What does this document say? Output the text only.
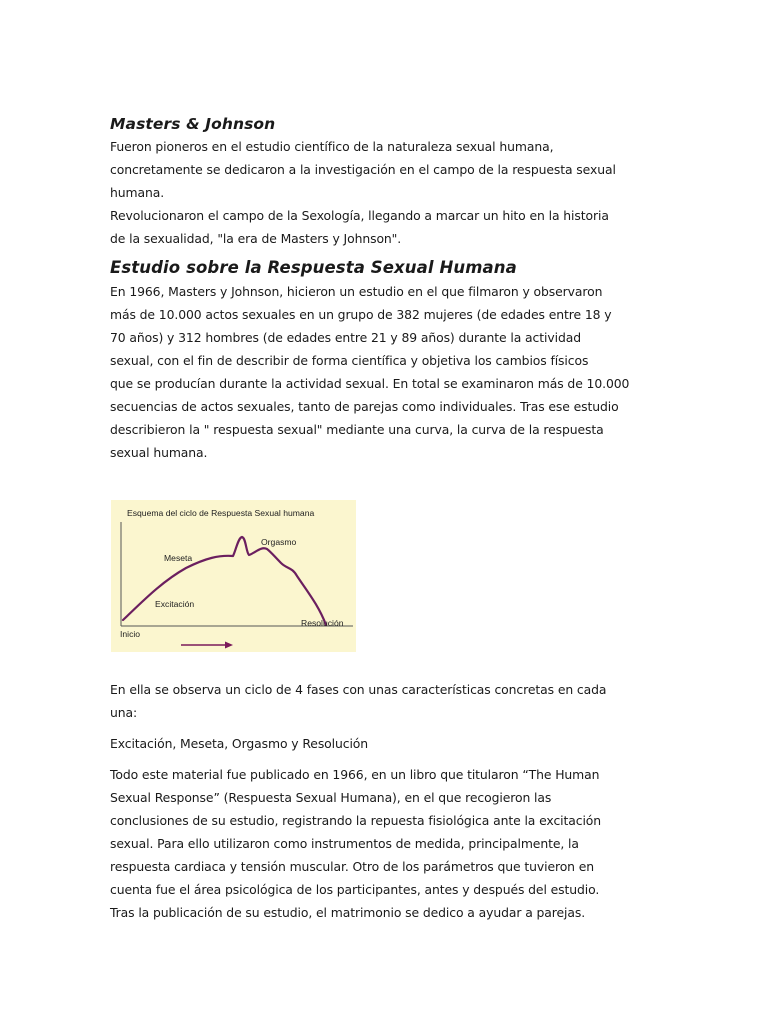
Masters & Johnson

Fueron pioneros en el estudio científico de la naturaleza sexual humana,
concretamente se dedicaron a la investigación en el campo de la respuesta sexual
humana.

Revolucionaron el campo de la Sexología, llegando a marcar un hito en la historia
de la sexualidad, "la era de Masters y Johnson".

Estudio sobre la Respuesta Sexual Humana

En 1966, Masters y Johnson, hicieron un estudio en el que filmaron y observaron
más de 10.000 actos sexuales en un grupo de 382 mujeres (de edades entre 18 y
70 años) y 312 hombres (de edades entre 21 y 89 años) durante la actividad
sexual, con el fin de describir de forma científica y objetiva los cambios físicos
que se producían durante la actividad sexual. En total se examinaron más de 10.000
secuencias de actos sexuales, tanto de parejas como individuales. Tras ese estudio
describieron la " respuesta sexual" mediante una curva, la curva de la respuesta
sexual humana.

Esquema del ciclo de Respuesta Sexual humana
Orgasmo
Meseta
Excitación
Inicio
Resolución

En ella se observa un ciclo de 4 fases con unas características concretas en cada
una:

Excitación, Meseta, Orgasmo y Resolución

Todo este material fue publicado en 1966, en un libro que titularon “The Human
Sexual Response” (Respuesta Sexual Humana), en el que recogieron las
conclusiones de su estudio, registrando la repuesta fisiológica ante la excitación
sexual. Para ello utilizaron como instrumentos de medida, principalmente, la
respuesta cardiaca y tensión muscular. Otro de los parámetros que tuvieron en
cuenta fue el área psicológica de los participantes, antes y después del estudio.
Tras la publicación de su estudio, el matrimonio se dedico a ayudar a parejas.
